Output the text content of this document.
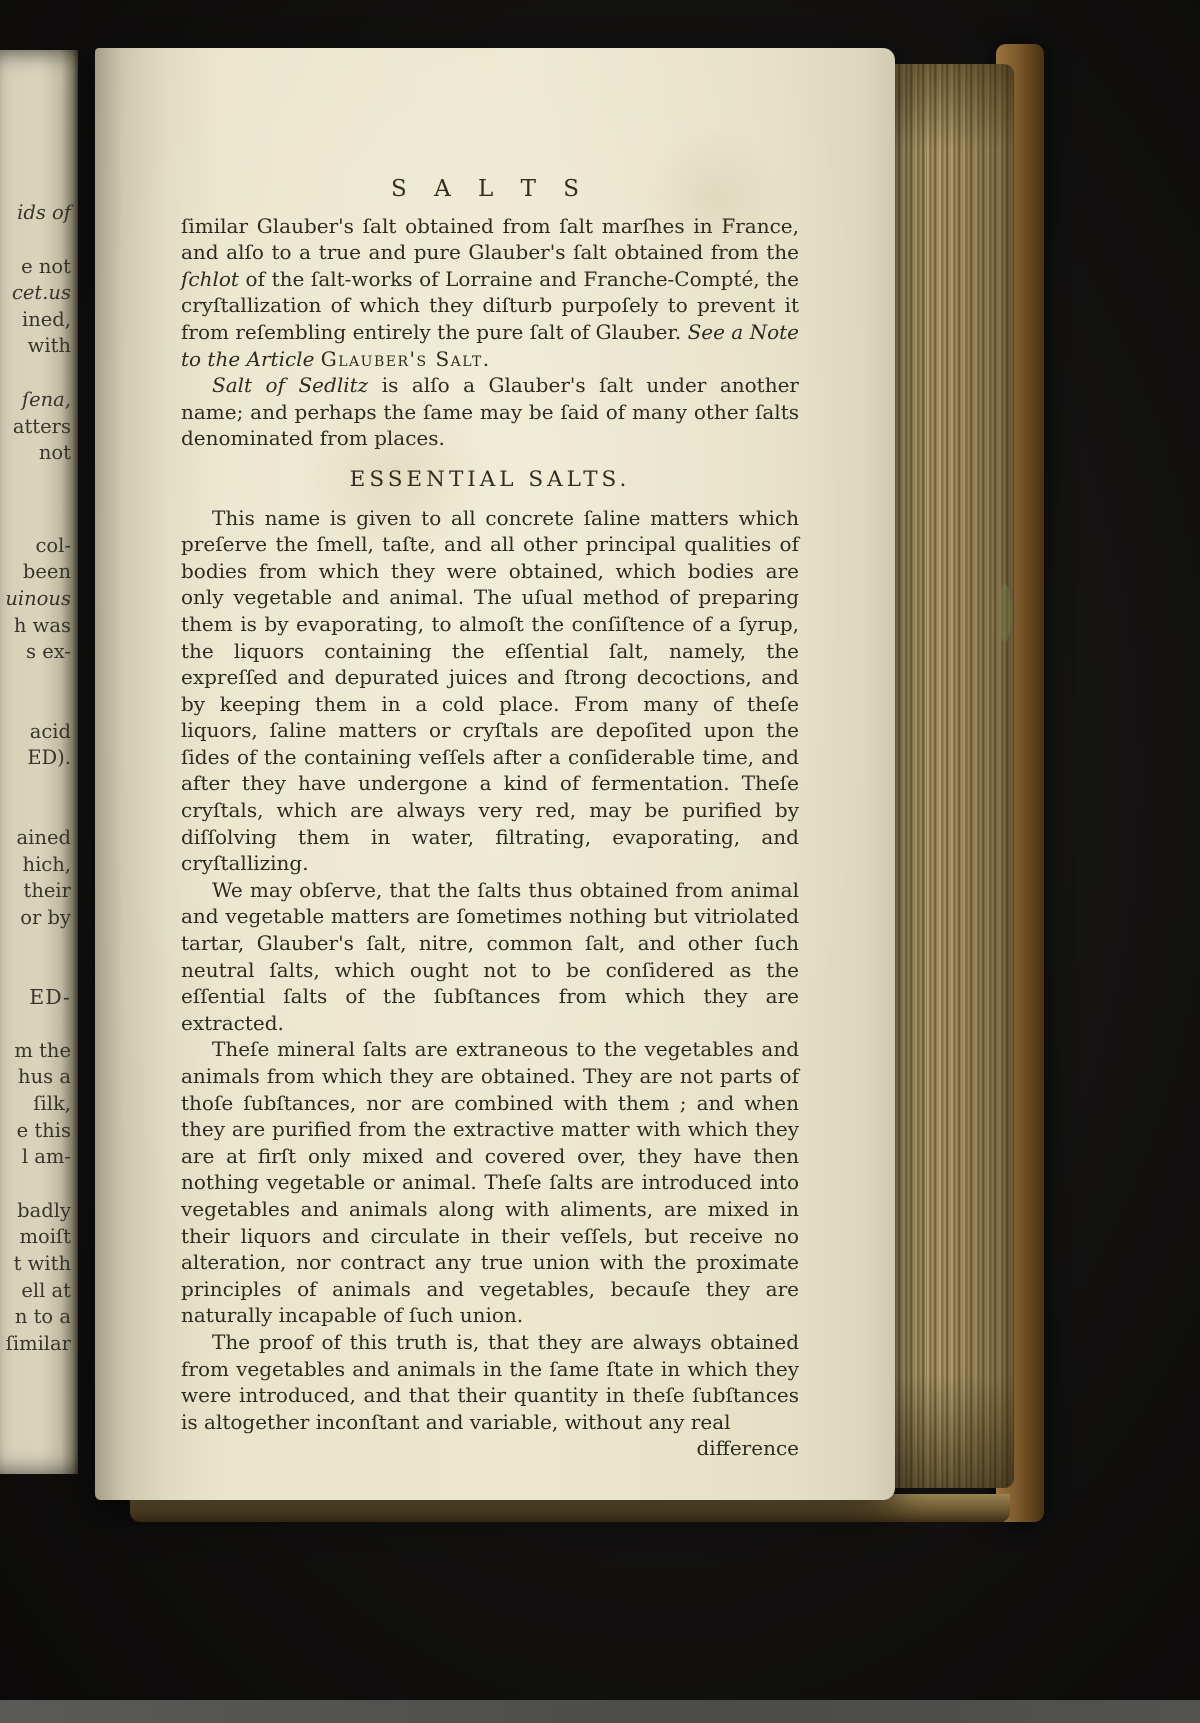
ids of
e not
cet.us
ined,
with
ſena,
atters
not
col-
been
uinous
h was
s ex-
acid
ED).
ained
hich,
their
or by
ED-
m the
hus a
ſilk,
e this
l am-
badly
moiſt
t with
ell at
n to a
ſimilar
S A L T S

ſimilar Glauber's ſalt obtained from ſalt marſhes in France, and alſo to a true and pure Glauber's ſalt obtained from the ſchlot of the ſalt-works of Lorraine and Franche-Compté, the cryſtallization of which they diſturb purpoſely to prevent it from reſembling entirely the pure ſalt of Glauber. See a Note to the Article Glauber's Salt.

Salt of Sedlitz is alſo a Glauber's ſalt under another name; and perhaps the ſame may be ſaid of many other ſalts denominated from places.

ESSENTIAL SALTS.

This name is given to all concrete ſaline matters which preſerve the ſmell, taſte, and all other principal qualities of bodies from which they were obtained, which bodies are only vegetable and animal. The uſual method of preparing them is by evaporating, to almoſt the conſiſtence of a ſyrup, the liquors containing the eſſential ſalt, namely, the expreſſed and depurated juices and ſtrong decoctions, and by keeping them in a cold place. From many of theſe liquors, ſaline matters or cryſtals are depoſited upon the ſides of the containing veſſels after a conſiderable time, and after they have undergone a kind of fermentation. Theſe cryſtals, which are always very red, may be purified by diſſolving them in water, filtrating, evaporating, and cryſtallizing.

We may obſerve, that the ſalts thus obtained from animal and vegetable matters are ſometimes nothing but vitriolated tartar, Glauber's ſalt, nitre, common ſalt, and other ſuch neutral ſalts, which ought not to be conſidered as the eſſential ſalts of the ſubſtances from which they are extracted.

Theſe mineral ſalts are extraneous to the vegetables and animals from which they are obtained. They are not parts of thoſe ſubſtances, nor are combined with them ; and when they are purified from the extractive matter with which they are at firſt only mixed and covered over, they have then nothing vegetable or animal. Theſe ſalts are introduced into vegetables and animals along with aliments, are mixed in their liquors and circulate in their veſſels, but receive no alteration, nor contract any true union with the proximate principles of animals and vegetables, becauſe they are naturally incapable of ſuch union.

The proof of this truth is, that they are always obtained from vegetables and animals in the ſame ſtate in which they were introduced, and that their quantity in theſe ſubſtances is altogether inconſtant and variable, without any real

difference
